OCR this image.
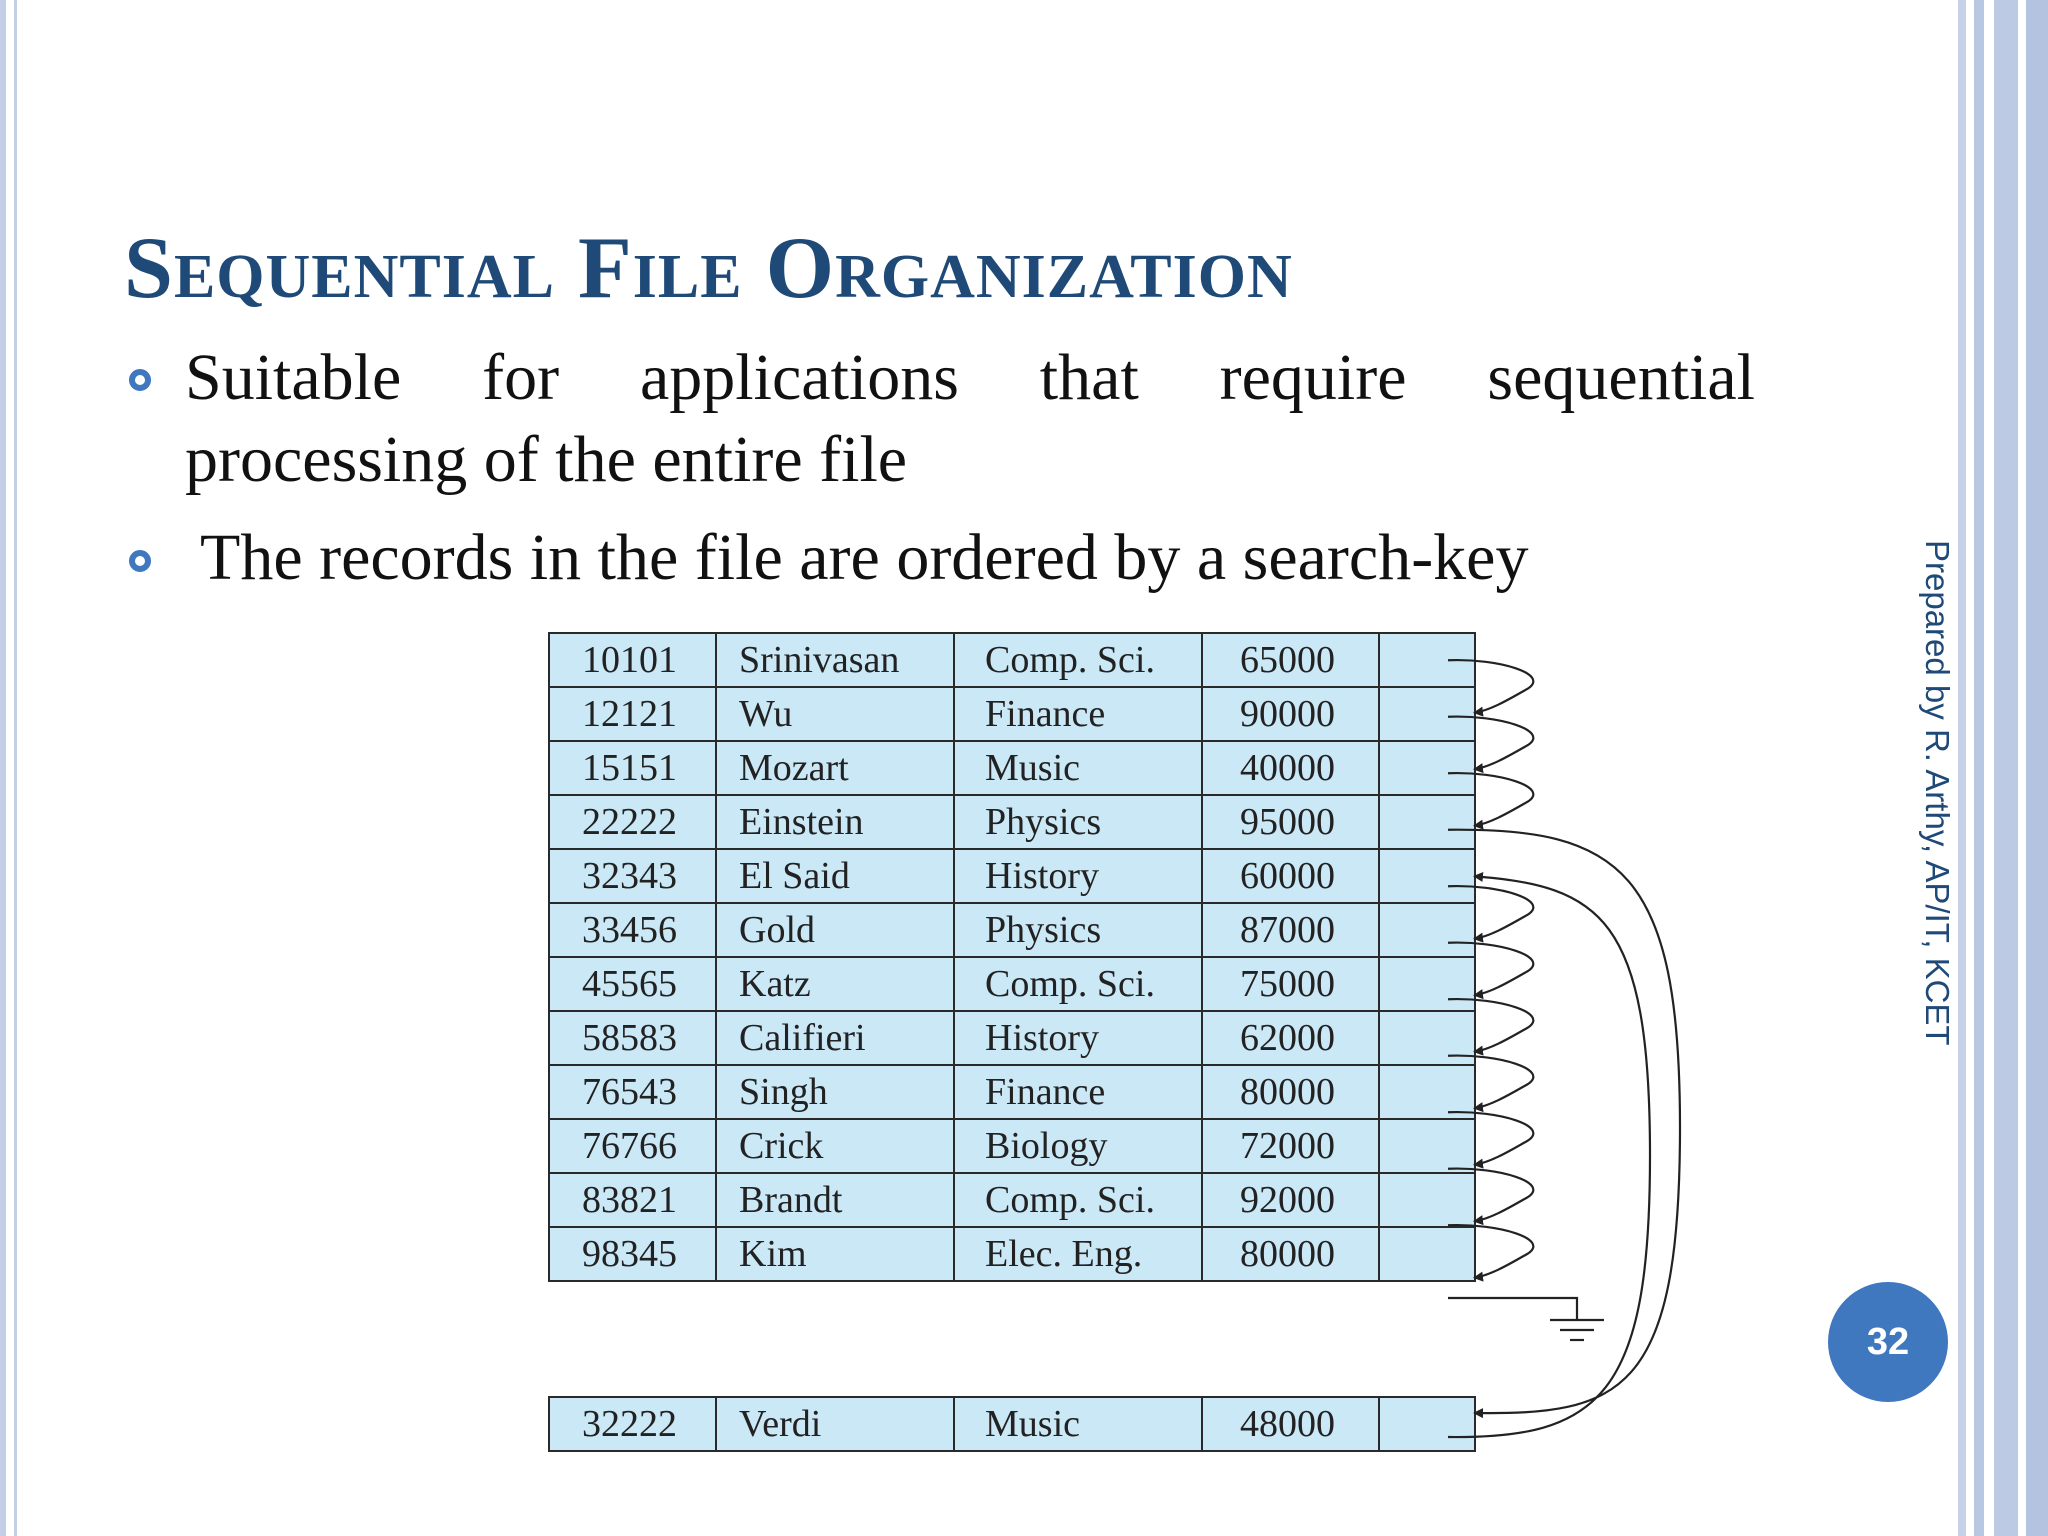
Sequential File Organization
Suitable for applications that require sequential
processing of the entire file
The records in the file are ordered by a search-key	Prepared by R. Arthy, AP/IT, KCET
32
10101	Srinivasan	Comp. Sci.	65000	
12121	Wu	Finance	90000	
15151	Mozart	Music	40000	
22222	Einstein	Physics	95000	
32343	El Said	History	60000	
33456	Gold	Physics	87000	
45565	Katz	Comp. Sci.	75000	
58583	Califieri	History	62000	
76543	Singh	Finance	80000	
76766	Crick	Biology	72000	
83821	Brandt	Comp. Sci.	92000	
98345	Kim	Elec. Eng.	80000	
32222	Verdi	Music	48000	
